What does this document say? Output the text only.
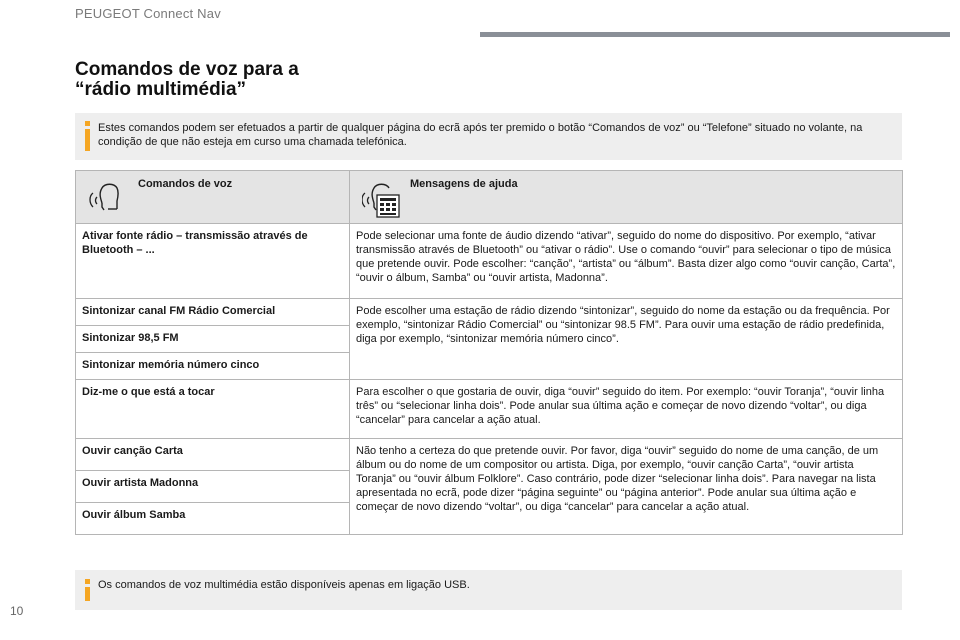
PEUGEOT Connect Nav
Comandos de voz para a
“rádio multimédia”
Estes comandos podem ser efetuados a partir de qualquer página do ecrã após ter premido o botão “Comandos de voz” ou “Telefone” situado no volante, na condição de que não esteja em curso uma chamada telefónica.
Comandos de voz	Mensagens de ajuda

Ativar fonte rádio – transmissão através de Bluetooth – ...	Pode selecionar uma fonte de áudio dizendo “ativar”, seguido do nome do dispositivo. Por exemplo, “ativar transmissão através de Bluetooth” ou “ativar o rádio”. Use o comando “ouvir” para selecionar o tipo de música que pretende ouvir. Pode escolher: “canção”, “artista” ou “álbum”. Basta dizer algo como “ouvir canção, Carta”, “ouvir o álbum, Samba” ou “ouvir artista, Madonna”.
Sintonizar canal FM Rádio Comercial	Pode escolher uma estação de rádio dizendo “sintonizar”, seguido do nome da estação ou da frequência. Por exemplo, “sintonizar Rádio Comercial” ou “sintonizar 98.5 FM”. Para ouvir uma estação de rádio predefinida, diga por exemplo, “sintonizar memória número cinco”.
Sintonizar 98,5 FM	
Sintonizar memória número cinco	
Diz-me o que está a tocar	Para escolher o que gostaria de ouvir, diga “ouvir” seguido do item. Por exemplo: “ouvir Toranja”, “ouvir linha três” ou “selecionar linha dois”. Pode anular sua última ação e começar de novo dizendo “voltar”, ou diga “cancelar” para cancelar a ação atual.
Ouvir canção Carta	Não tenho a certeza do que pretende ouvir. Por favor, diga “ouvir” seguido do nome de uma canção, de um álbum ou do nome de um compositor ou artista. Diga, por exemplo, “ouvir canção Carta”, “ouvir artista Toranja” ou “ouvir álbum Folklore”. Caso contrário, pode dizer “selecionar linha dois”. Para navegar na lista apresentada no ecrã, pode dizer “página seguinte” ou “página anterior”. Pode anular sua última ação e começar de novo dizendo “voltar”, ou diga “cancelar” para cancelar a ação atual.
Ouvir artista Madonna	
Ouvir álbum Samba	
Os comandos de voz multimédia estão disponíveis apenas em ligação USB.
10
